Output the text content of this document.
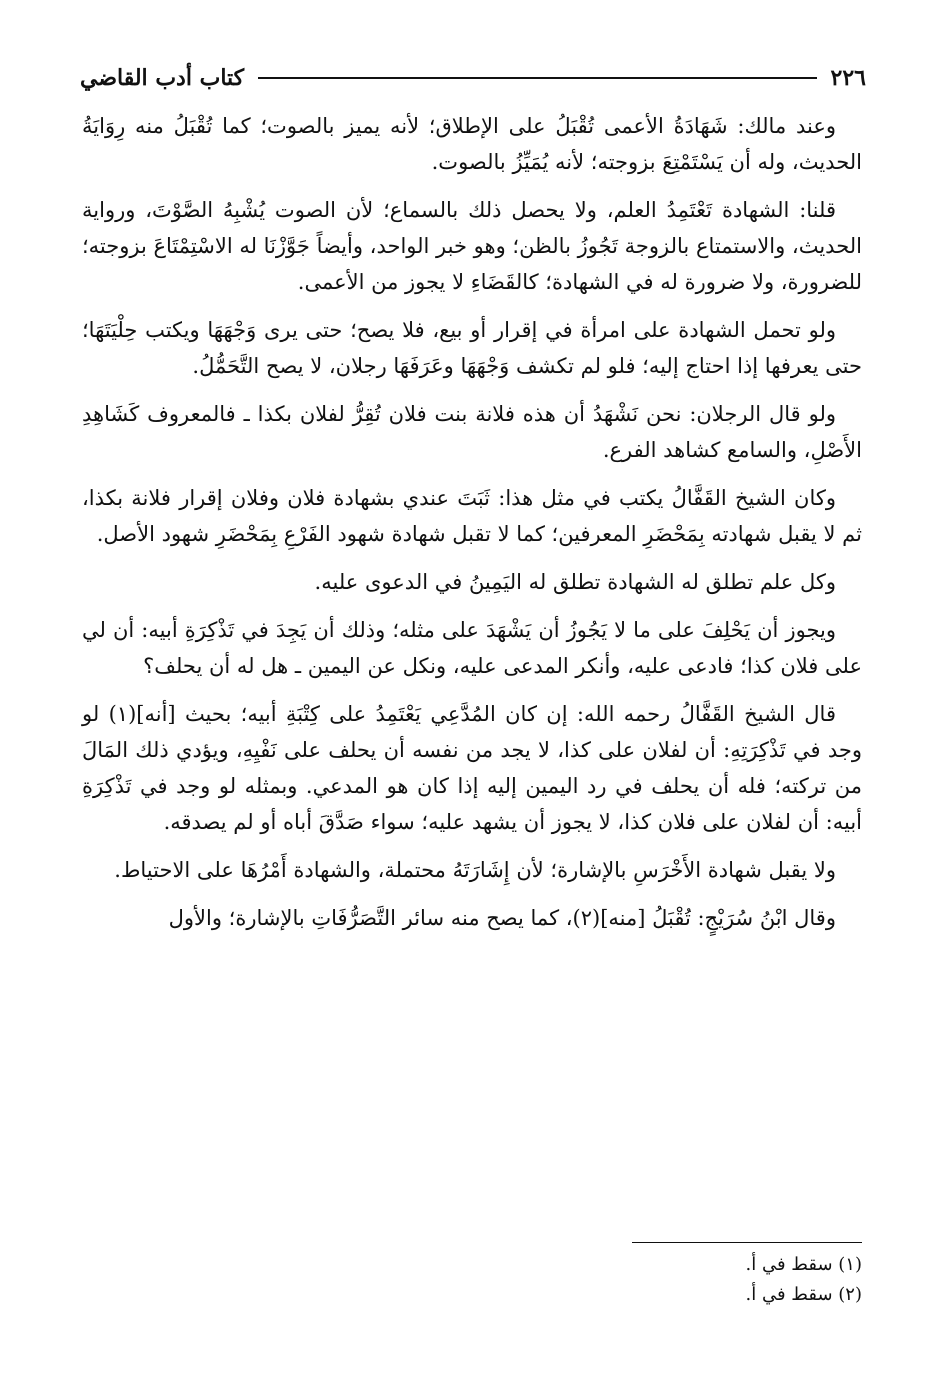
٢٢٦
كتاب أدب القاضي

وعند مالك: شَهَادَةُ الأعمى تُقْبَلُ على الإطلاق؛ لأنه يميز بالصوت؛ كما تُقْبَلُ منه رِوَايَةُ الحديث، وله أن يَسْتَمْتِعَ بزوجته؛ لأنه يُمَيِّزُ بالصوت.

قلنا: الشهادة تَعْتَمِدُ العلم، ولا يحصل ذلك بالسماع؛ لأن الصوت يُشْبِهُ الصَّوْتَ، ورواية الحديث، والاستمتاع بالزوجة تَجُوزُ بالظن؛ وهو خبر الواحد، وأيضاً جَوَّزْنَا له الاسْتِمْتَاعَ بزوجته؛ للضرورة، ولا ضرورة له في الشهادة؛ كالقَضَاءِ لا يجوز من الأعمى.

ولو تحمل الشهادة على امرأة في إقرار أو بيع، فلا يصح؛ حتى يرى وَجْهَهَا ويكتب حِلْيَتَهَا؛ حتى يعرفها إذا احتاج إليه؛ فلو لم تكشف وَجْهَهَا وعَرَفَهَا رجلان، لا يصح التَّحَمُّلُ.

ولو قال الرجلان: نحن نَشْهَدُ أن هذه فلانة بنت فلان تُقِرُّ لفلان بكذا ـ فالمعروف كَشَاهِدِ الأَصْلِ، والسامع كشاهد الفرع.

وكان الشيخ القَفَّالُ يكتب في مثل هذا: ثَبَتَ عندي بشهادة فلان وفلان إقرار فلانة بكذا، ثم لا يقبل شهادته بِمَحْضَرِ المعرفين؛ كما لا تقبل شهادة شهود الفَرْعِ بِمَحْضَرِ شهود الأصل.

وكل علم تطلق له الشهادة تطلق له اليَمِينُ في الدعوى عليه.

ويجوز أن يَحْلِفَ على ما لا يَجُوزُ أن يَشْهَدَ على مثله؛ وذلك أن يَجِدَ في تَذْكِرَةِ أبيه: أن لي على فلان كذا؛ فادعى عليه، وأنكر المدعى عليه، ونكل عن اليمين ـ هل له أن يحلف؟

قال الشيخ القَفَّالُ رحمه الله: إن كان المُدَّعِي يَعْتَمِدُ على كِتْبَةِ أبيه؛ بحيث [أنه](١) لو وجد في تَذْكِرَتِهِ: أن لفلان على كذا، لا يجد من نفسه أن يحلف على نَفْيِهِ، ويؤدي ذلك المَالَ من تركته؛ فله أن يحلف في رد اليمين إليه إذا كان هو المدعي. وبمثله لو وجد في تَذْكِرَةِ أبيه: أن لفلان على فلان كذا، لا يجوز أن يشهد عليه؛ سواء صَدَّقَ أباه أو لم يصدقه.

ولا يقبل شهادة الأَخْرَسِ بالإشارة؛ لأن إِشَارَتَهُ محتملة، والشهادة أَمْرُهَا على الاحتياط.

وقال ابْنُ سُرَيْجٍ: تُقْبَلُ [منه](٢)، كما يصح منه سائر التَّصَرُّفَاتِ بالإشارة؛ والأول

(١) سقط في أ.

(٢) سقط في أ.
